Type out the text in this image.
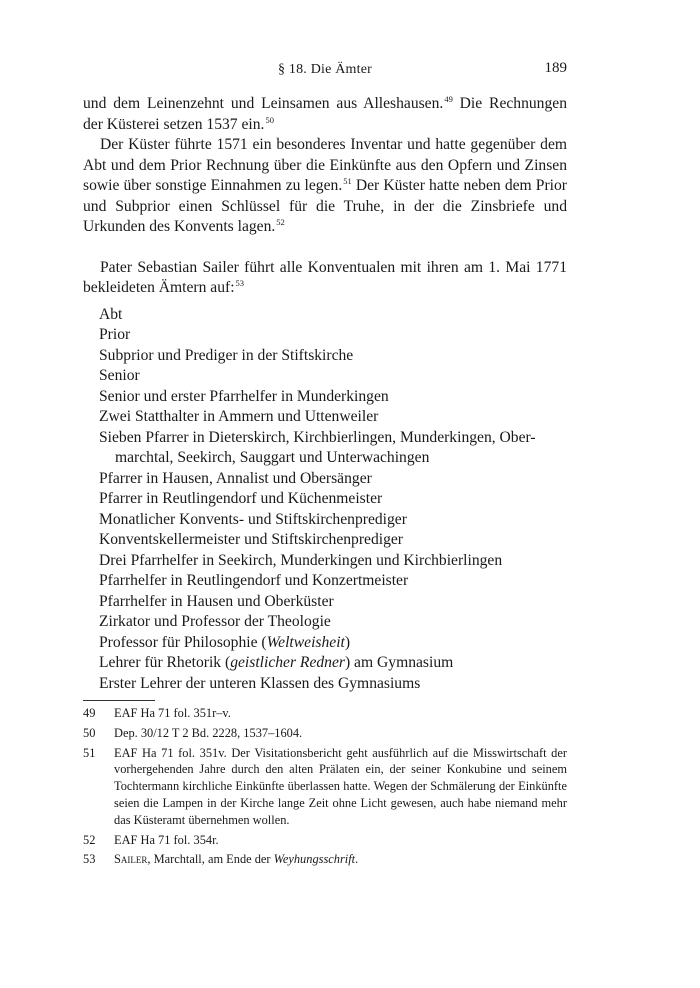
§ 18. Die Ämter	189

und dem Leinenzehnt und Leinsamen aus Alleshausen.$^{49}$ Die Rechnungen der Küsterei setzen 1537 ein.$^{50}$

Der Küster führte 1571 ein besonderes Inventar und hatte gegenüber dem Abt und dem Prior Rechnung über die Einkünfte aus den Opfern und Zinsen sowie über sonstige Einnahmen zu legen.$^{51}$ Der Küster hatte neben dem Prior und Subprior einen Schlüssel für die Truhe, in der die Zinsbriefe und Urkunden des Konvents lagen.$^{52}$

Pater Sebastian Sailer führt alle Konventualen mit ihren am 1. Mai 1771 bekleideten Ämtern auf:$^{53}$

Abt
Prior
Subprior und Prediger in der Stiftskirche
Senior
Senior und erster Pfarrhelfer in Munderkingen
Zwei Statthalter in Ammern und Uttenweiler
Sieben Pfarrer in Dieterskirch, Kirchbierlingen, Munderkingen, Ober-
marchtal, Seekirch, Sauggart und Unterwachingen
Pfarrer in Hausen, Annalist und Obersänger
Pfarrer in Reutlingendorf und Küchenmeister
Monatlicher Konvents- und Stiftskirchenprediger
Konventskellermeister und Stiftskirchenprediger
Drei Pfarrhelfer in Seekirch, Munderkingen und Kirchbierlingen
Pfarrhelfer in Reutlingendorf und Konzertmeister
Pfarrhelfer in Hausen und Oberküster
Zirkator und Professor der Theologie
Professor für Philosophie (Weltweisheit)
Lehrer für Rhetorik (geistlicher Redner) am Gymnasium
Erster Lehrer der unteren Klassen des Gymnasiums

49 EAF Ha 71 fol. 351r–v.

50 Dep. 30/12 T 2 Bd. 2228, 1537–1604.

51 EAF Ha 71 fol. 351v. Der Visitationsbericht geht ausführlich auf die Misswirtschaft der vorhergehenden Jahre durch den alten Prälaten ein, der seiner Konkubine und seinem Tochtermann kirchliche Einkünfte überlassen hatte. Wegen der Schmälerung der Einkünfte seien die Lampen in der Kirche lange Zeit ohne Licht gewesen, auch habe niemand mehr das Küsteramt übernehmen wollen.

52 EAF Ha 71 fol. 354r.

53 Sailer, Marchtall, am Ende der Weyhungsschrift.
